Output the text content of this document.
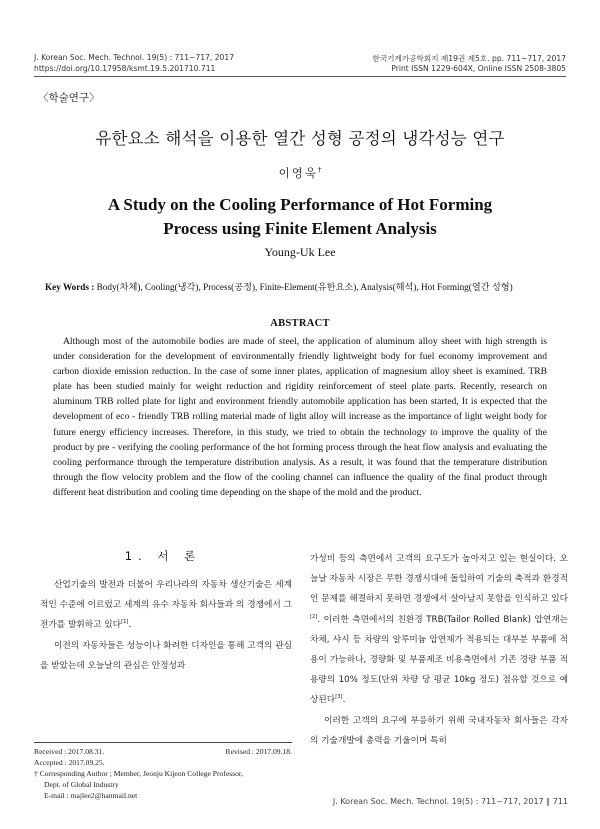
J. Korean Soc. Mech. Technol. 19(5) : 711~717, 2017
https://doi.org/10.17958/ksmt.19.5.201710.711
한국기계가공학회지 제19권 제5호. pp. 711~717, 2017
Print ISSN 1229-604X, Online ISSN 2508-3805
〈학술연구〉
유한요소 해석을 이용한 열간 성형 공정의 냉각성능 연구
이영욱†
A Study on the Cooling Performance of Hot Forming
Process using Finite Element Analysis
Young-Uk Lee
Key Words : Body(차체), Cooling(냉각), Process(공정), Finite-Element(유한요소), Analysis(해석), Hot Forming(열간 성형)
ABSTRACT
Although most of the automobile bodies are made of steel, the application of aluminum alloy sheet with high strength is under consideration for the development of environmentally friendly lightweight body for fuel economy improvement and carbon dioxide emission reduction. In the case of some inner plates, application of magnesium alloy sheet is examined. TRB plate has been studied mainly for weight reduction and rigidity reinforcement of steel plate parts. Recently, research on aluminum TRB rolled plate for light and environment friendly automobile application has been started, It is expected that the development of eco - friendly TRB rolling material made of light alloy will increase as the importance of light weight body for future energy efficiency increases. Therefore, in this study, we tried to obtain the technology to improve the quality of the product by pre - verifying the cooling performance of the hot forming process through the heat flow analysis and evaluating the cooling performance through the temperature distribution analysis. As a result, it was found that the temperature distribution through the flow velocity problem and the flow of the cooling channel can influence the quality of the final product through different heat distribution and cooling time depending on the shape of the mold and the product.
1. 서 론

산업기술의 발전과 더불어 우리나라의 자동차 생산기술은 세계적인 수준에 이르렀고 세계의 유수 자동차 회사들과 의 경쟁에서 그 전가를 발휘하고 있다[1].

이전의 자동차들은 성능이나 화려한 디자인을 통해 고객의 관심을 받았는데 오늘날의 관심은 안정성과

Received : 2017.08.31.	Revised : 2017.09.18.
Accepted : 2017.09.25.
† Corresponding Author ; Member, Jeonju Kijeon College Professor,
Dept. of Global Industry
E-mail : majlee2@hanmail.net

가성비 등의 측면에서 고객의 요구도가 높아지고 있는 현실이다. 오늘날 자동차 시장은 무한 경쟁시대에 돌입하여 기술의 축적과 환경적인 문제를 해결하지 못하면 경쟁에서 살아남지 못함을 인식하고 있다[2]. 이러한 측면에서의 친환경 TRB(Tailor Rolled Blank) 압연재는 차체, 샤시 등 차량의 알루미늄 압연재가 적용되는 대부분 부품에 적용이 가능하나, 경량화 및 부품제조 비용측면에서 기존 경량 부품 적용량의 10% 정도(단위 차량 당 평균 10kg 정도) 점유할 것으로 예상된다[3].

이러한 고객의 요구에 부응하기 위해 국내자동차 회사들은 각자의 기술개발에 총력을 기울이며 특히

J. Korean Soc. Mech. Technol. 19(5) : 711~717, 2017 ∥ 711
